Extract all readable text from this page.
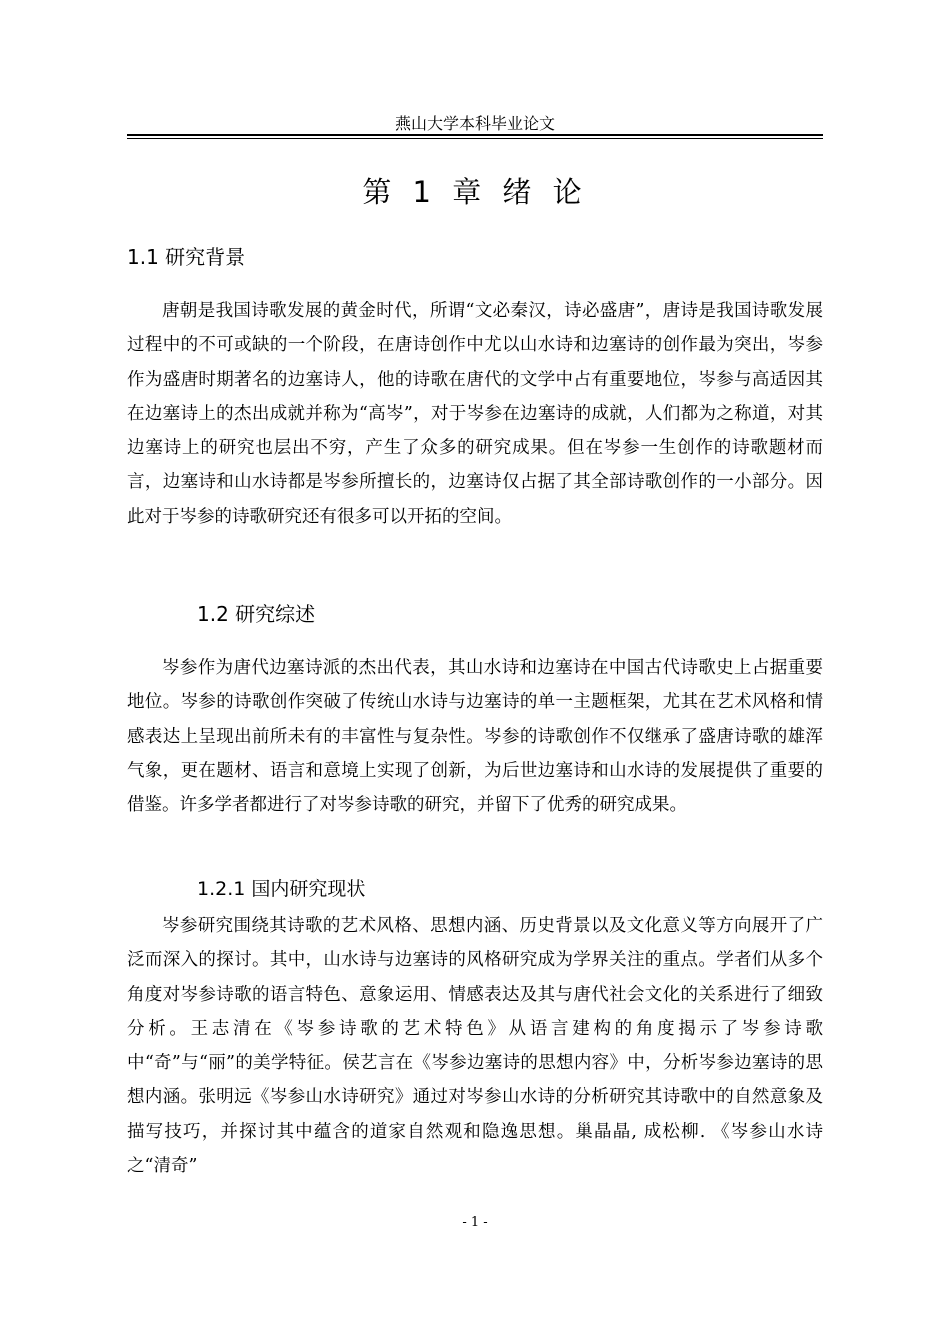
燕山大学本科毕业论文
第 1 章 绪 论
1.1 研究背景

唐朝是我国诗歌发展的黄金时代，所谓“文必秦汉，诗必盛唐”，唐诗是我国诗歌发展过程中的不可或缺的一个阶段，在唐诗创作中尤以山水诗和边塞诗的创作最为突出，岑参作为盛唐时期著名的边塞诗人，他的诗歌在唐代的文学中占有重要地位，岑参与高适因其在边塞诗上的杰出成就并称为“高岑”，对于岑参在边塞诗的成就，人们都为之称道，对其边塞诗上的研究也层出不穷，产生了众多的研究成果。但在岑参一生创作的诗歌题材而言，边塞诗和山水诗都是岑参所擅长的，边塞诗仅占据了其全部诗歌创作的一小部分。因此对于岑参的诗歌研究还有很多可以开拓的空间。

1.2 研究综述

岑参作为唐代边塞诗派的杰出代表，其山水诗和边塞诗在中国古代诗歌史上占据重要地位。岑参的诗歌创作突破了传统山水诗与边塞诗的单一主题框架，尤其在艺术风格和情感表达上呈现出前所未有的丰富性与复杂性。岑参的诗歌创作不仅继承了盛唐诗歌的雄浑气象，更在题材、语言和意境上实现了创新，为后世边塞诗和山水诗的发展提供了重要的借鉴。许多学者都进行了对岑参诗歌的研究，并留下了优秀的研究成果。

1.2.1 国内研究现状

岑参研究围绕其诗歌的艺术风格、思想内涵、历史背景以及文化意义等方向展开了广泛而深入的探讨。其中，山水诗与边塞诗的风格研究成为学界关注的重点。学者们从多个角度对岑参诗歌的语言特色、意象运用、情感表达及其与唐代社会文化的关系进行了细致分析。王志清在《岑参诗歌的艺术特色》从语言建构的角度揭示了岑参诗歌中“奇”与“丽”的美学特征。侯艺言在《岑参边塞诗的思想内容》中，分析岑参边塞诗的思想内涵。张明远《岑参山水诗研究》通过对岑参山水诗的分析研究其诗歌中的自然意象及描写技巧，并探讨其中蕴含的道家自然观和隐逸思想。巢晶晶, 成松柳. 《岑参山水诗之“清奇”

- 1 -
